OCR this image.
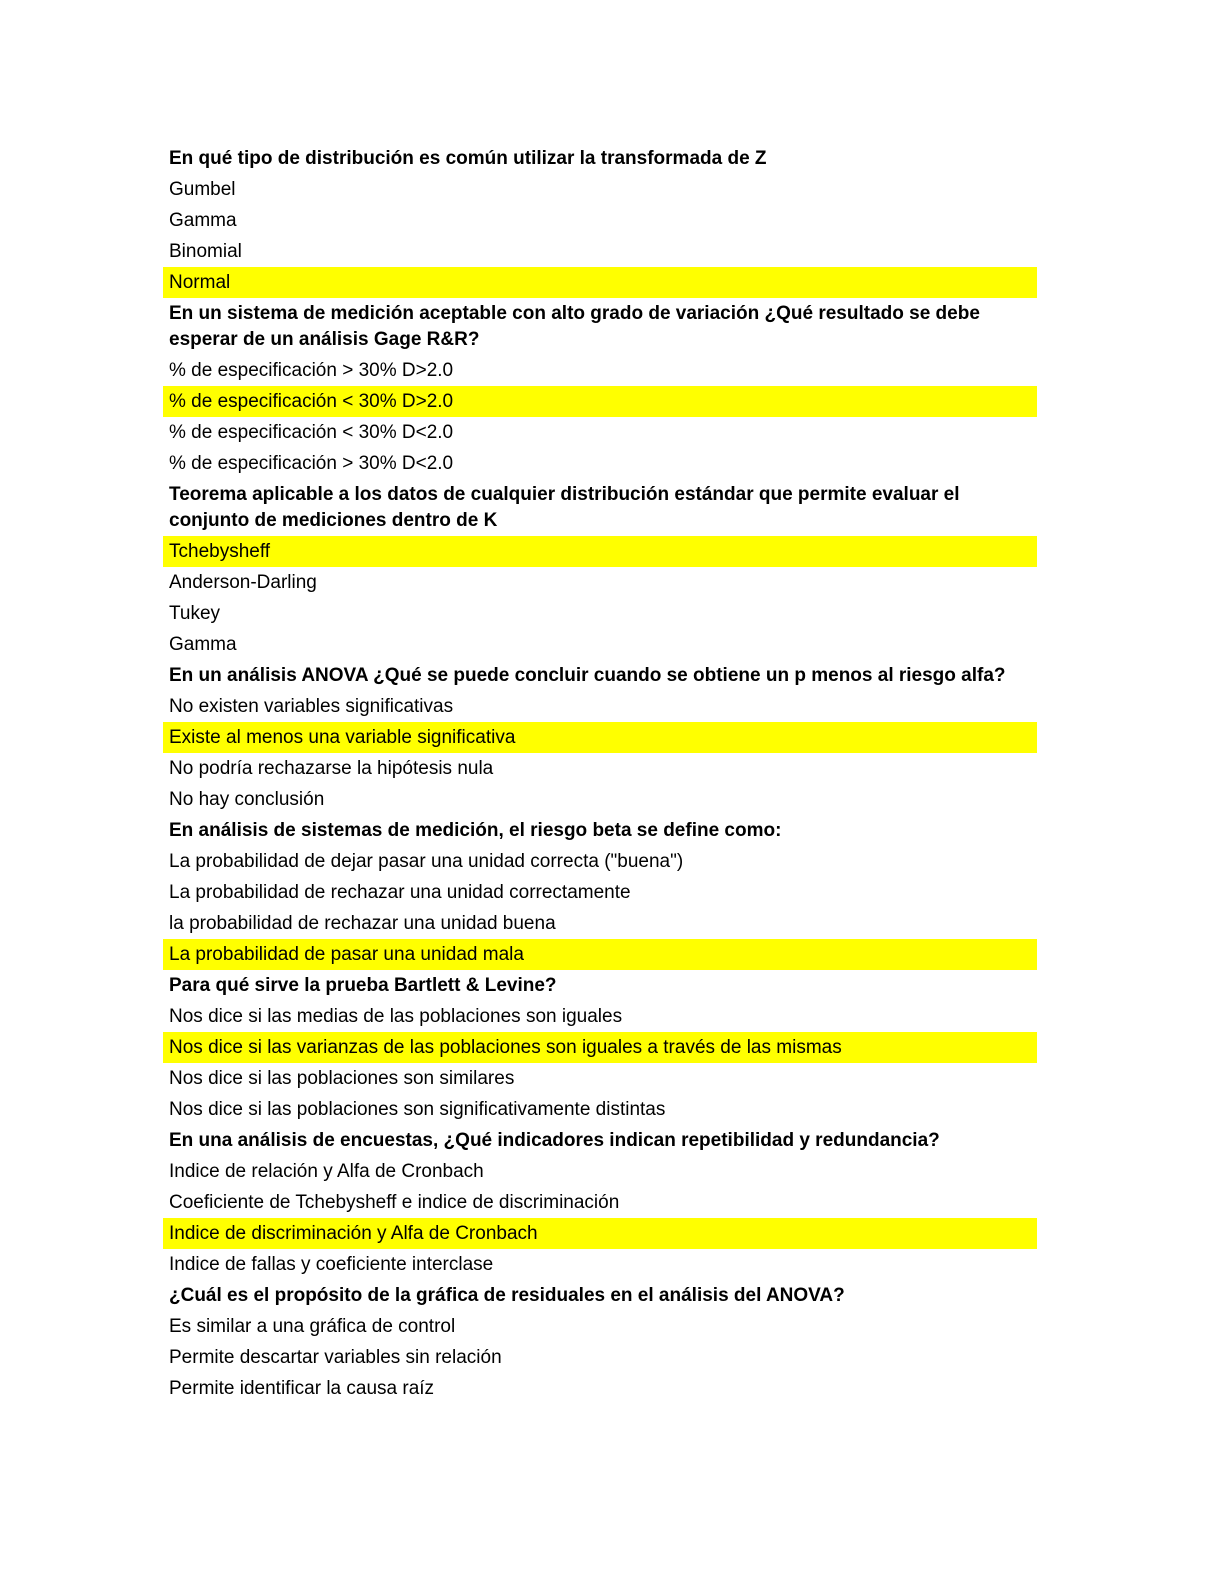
En qué tipo de distribución es común utilizar la transformada de Z
Gumbel
Gamma
Binomial
Normal
En un sistema de medición aceptable con alto grado de variación ¿Qué resultado se debe esperar de un análisis Gage R&R?
% de especificación > 30% D>2.0
% de especificación < 30% D>2.0
% de especificación < 30% D<2.0
% de especificación > 30% D<2.0
Teorema aplicable a los datos de cualquier distribución estándar que permite evaluar el conjunto de mediciones dentro de K
Tchebysheff
Anderson-Darling
Tukey
Gamma
En un análisis ANOVA ¿Qué se puede concluir cuando se obtiene un p menos al riesgo alfa?
No existen variables significativas
Existe al menos una variable significativa
No podría rechazarse la hipótesis nula
No hay conclusión
En análisis de sistemas de medición, el riesgo beta se define como:
La probabilidad de dejar pasar una unidad correcta ("buena")
La probabilidad de rechazar una unidad correctamente
la probabilidad de rechazar una unidad buena
La probabilidad de pasar una unidad mala
Para qué sirve la prueba Bartlett & Levine?
Nos dice si las medias de las poblaciones son iguales
Nos dice si las varianzas de las poblaciones son iguales a través de las mismas
Nos dice si las poblaciones son similares
Nos dice si las poblaciones son significativamente distintas
En una análisis de encuestas, ¿Qué indicadores indican repetibilidad y redundancia?
Indice de relación y Alfa de Cronbach
Coeficiente de Tchebysheff e indice de discriminación
Indice de discriminación y Alfa de Cronbach
Indice de fallas y coeficiente interclase
¿Cuál es el propósito de la gráfica de residuales en el análisis del ANOVA?
Es similar a una gráfica de control
Permite descartar variables sin relación
Permite identificar la causa raíz
